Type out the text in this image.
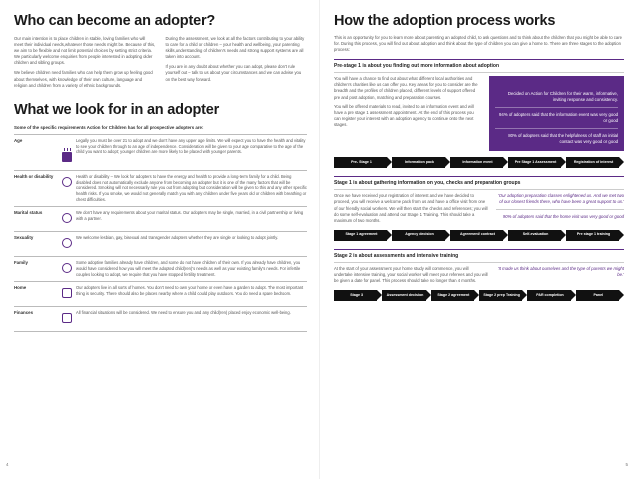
Who can become an adopter?

Our main intention is to place children in stable, loving families who will meet their individual needs,whatever those needs might be. Because of this, we aim to be flexible and not limit potential choices by setting strict criteria. We particularly welcome enquiries from people interested in adopting older children and sibling groups.

We believe children need families who can help them grow up feeling good about themselves, with knowledge of their own culture, language and religion and children from a variety of ethnic backgrounds.

During the assessment, we look at all the factors contributing to your ability to care for a child or children – your health and wellbeing, your parenting skills,understanding of children's needs and strong support systems are all taken into account.

If you are in any doubt about whether you can adopt, please don't rule yourself out – talk to us about your circumstances and we can advise you on the best way forward.

What we look for in an adopter

Some of the specific requirements Action for Children has for all prospective adopters are:

Age		Legally you must be over 21 to adopt and we don't have any upper age limits. We will expect you to have the health and vitality to see your children through to an age of independence. Consideration will be given to your age comparative to the age of the child you want to adopt; younger children are more likely to be placed with younger parents.
Health or disability		Health or disability – We look for adopters to have the energy and health to provide a long-term family for a child. Being disabled does not automatically exclude anyone from becoming an adopter but it is one of the many factors that will be considered. Smoking will not necessarily rule you out from adopting but consideration will be given to this and any other specific health risks. If you smoke, we would not generally match you with any children under five years old or children with breathing or chest difficulties.
Marital status		We don't have any requirements about your marital status. Our adopters may be single, married, in a civil partnership or living with a partner.
Sexuality		We welcome lesbian, gay, bisexual and transgender adopters whether they are single or looking to adopt jointly.
Family		Some adoptive families already have children, and some do not have children of their own. If you already have children, you would have considered how you will meet the adopted child(ren)'s needs as well as your existing family's needs. For infertile couples looking to adopt, we require that you have stopped fertility treatment.
Home		Our adopters live in all sorts of homes. You don't need to own your home or even have a garden to adopt. The most important thing is security. There should also be places nearby where a child could play outdoors. You do need a spare bedroom.
Finances		All financial situations will be considered. We need to ensure you and any child(ren) placed enjoy economic well-being.
4
How the adoption process works

This is an opportunity for you to learn more about parenting an adopted child, to ask questions and to think about the children that you might be able to care for. During this process, you will find out about adoption and think about the type of children you can give a home to. There are three stages to the adoption process:

Pre-stage 1 is about you finding out more information about adoption

You will have a chance to find out about what different local authorities and children's charities like us can offer you. Key areas for you to consider are the breadth and the profiles of children placed, different levels of support offered pre and post adoption, matching and preparation courses.

You will be offered materials to read, invited to an information event and will have a pre stage 1 assessment appointment. At the end of this process you can register your interest with an adoption agency to continue onto the next stages.

Decided on Action for Children for their warm, informative, inviting response and consistency.
94% of adopters said that the information event was very good or good
80% of adopters said that the helpfulness of staff an initial contact was very good or good
Pre- Stage 1	Information pack	Information event	Pre Stage 1 Assessment	Registration of interest
Stage 1 is about gathering information on you, checks and preparation groups

Once we have received your registration of interest and we have decided to proceed, you will receive a welcome pack from us and have a office visit from one of our friendly social workers. We will then start the checks and references; you will do some self-evaluation and attend our Stage 1 Training. This should take a maximum of two months.

'Our adoption preparation classes enlightened us. And we met two of our closest friends there, who have been a great support to us.'
90% of adopters said that the home visit was very good or good
Stage 1 agreement	Agency decision	Agreement/ contract	Self-evaluation	Pre stage 1 training
Stage 2 is about assessments and intensive training

At the start of your assessment your home study will commence, you will undertake intensive training, your social worker will meet your referees and you will be given a date for panel. This process should take no longer than 4 months.

'It made us think about ourselves and the type of parents we might be.'
Stage 3	Assessment decision	Stage 2 agreement	Stage 2 prep Training	PAR completion	Panel
5
